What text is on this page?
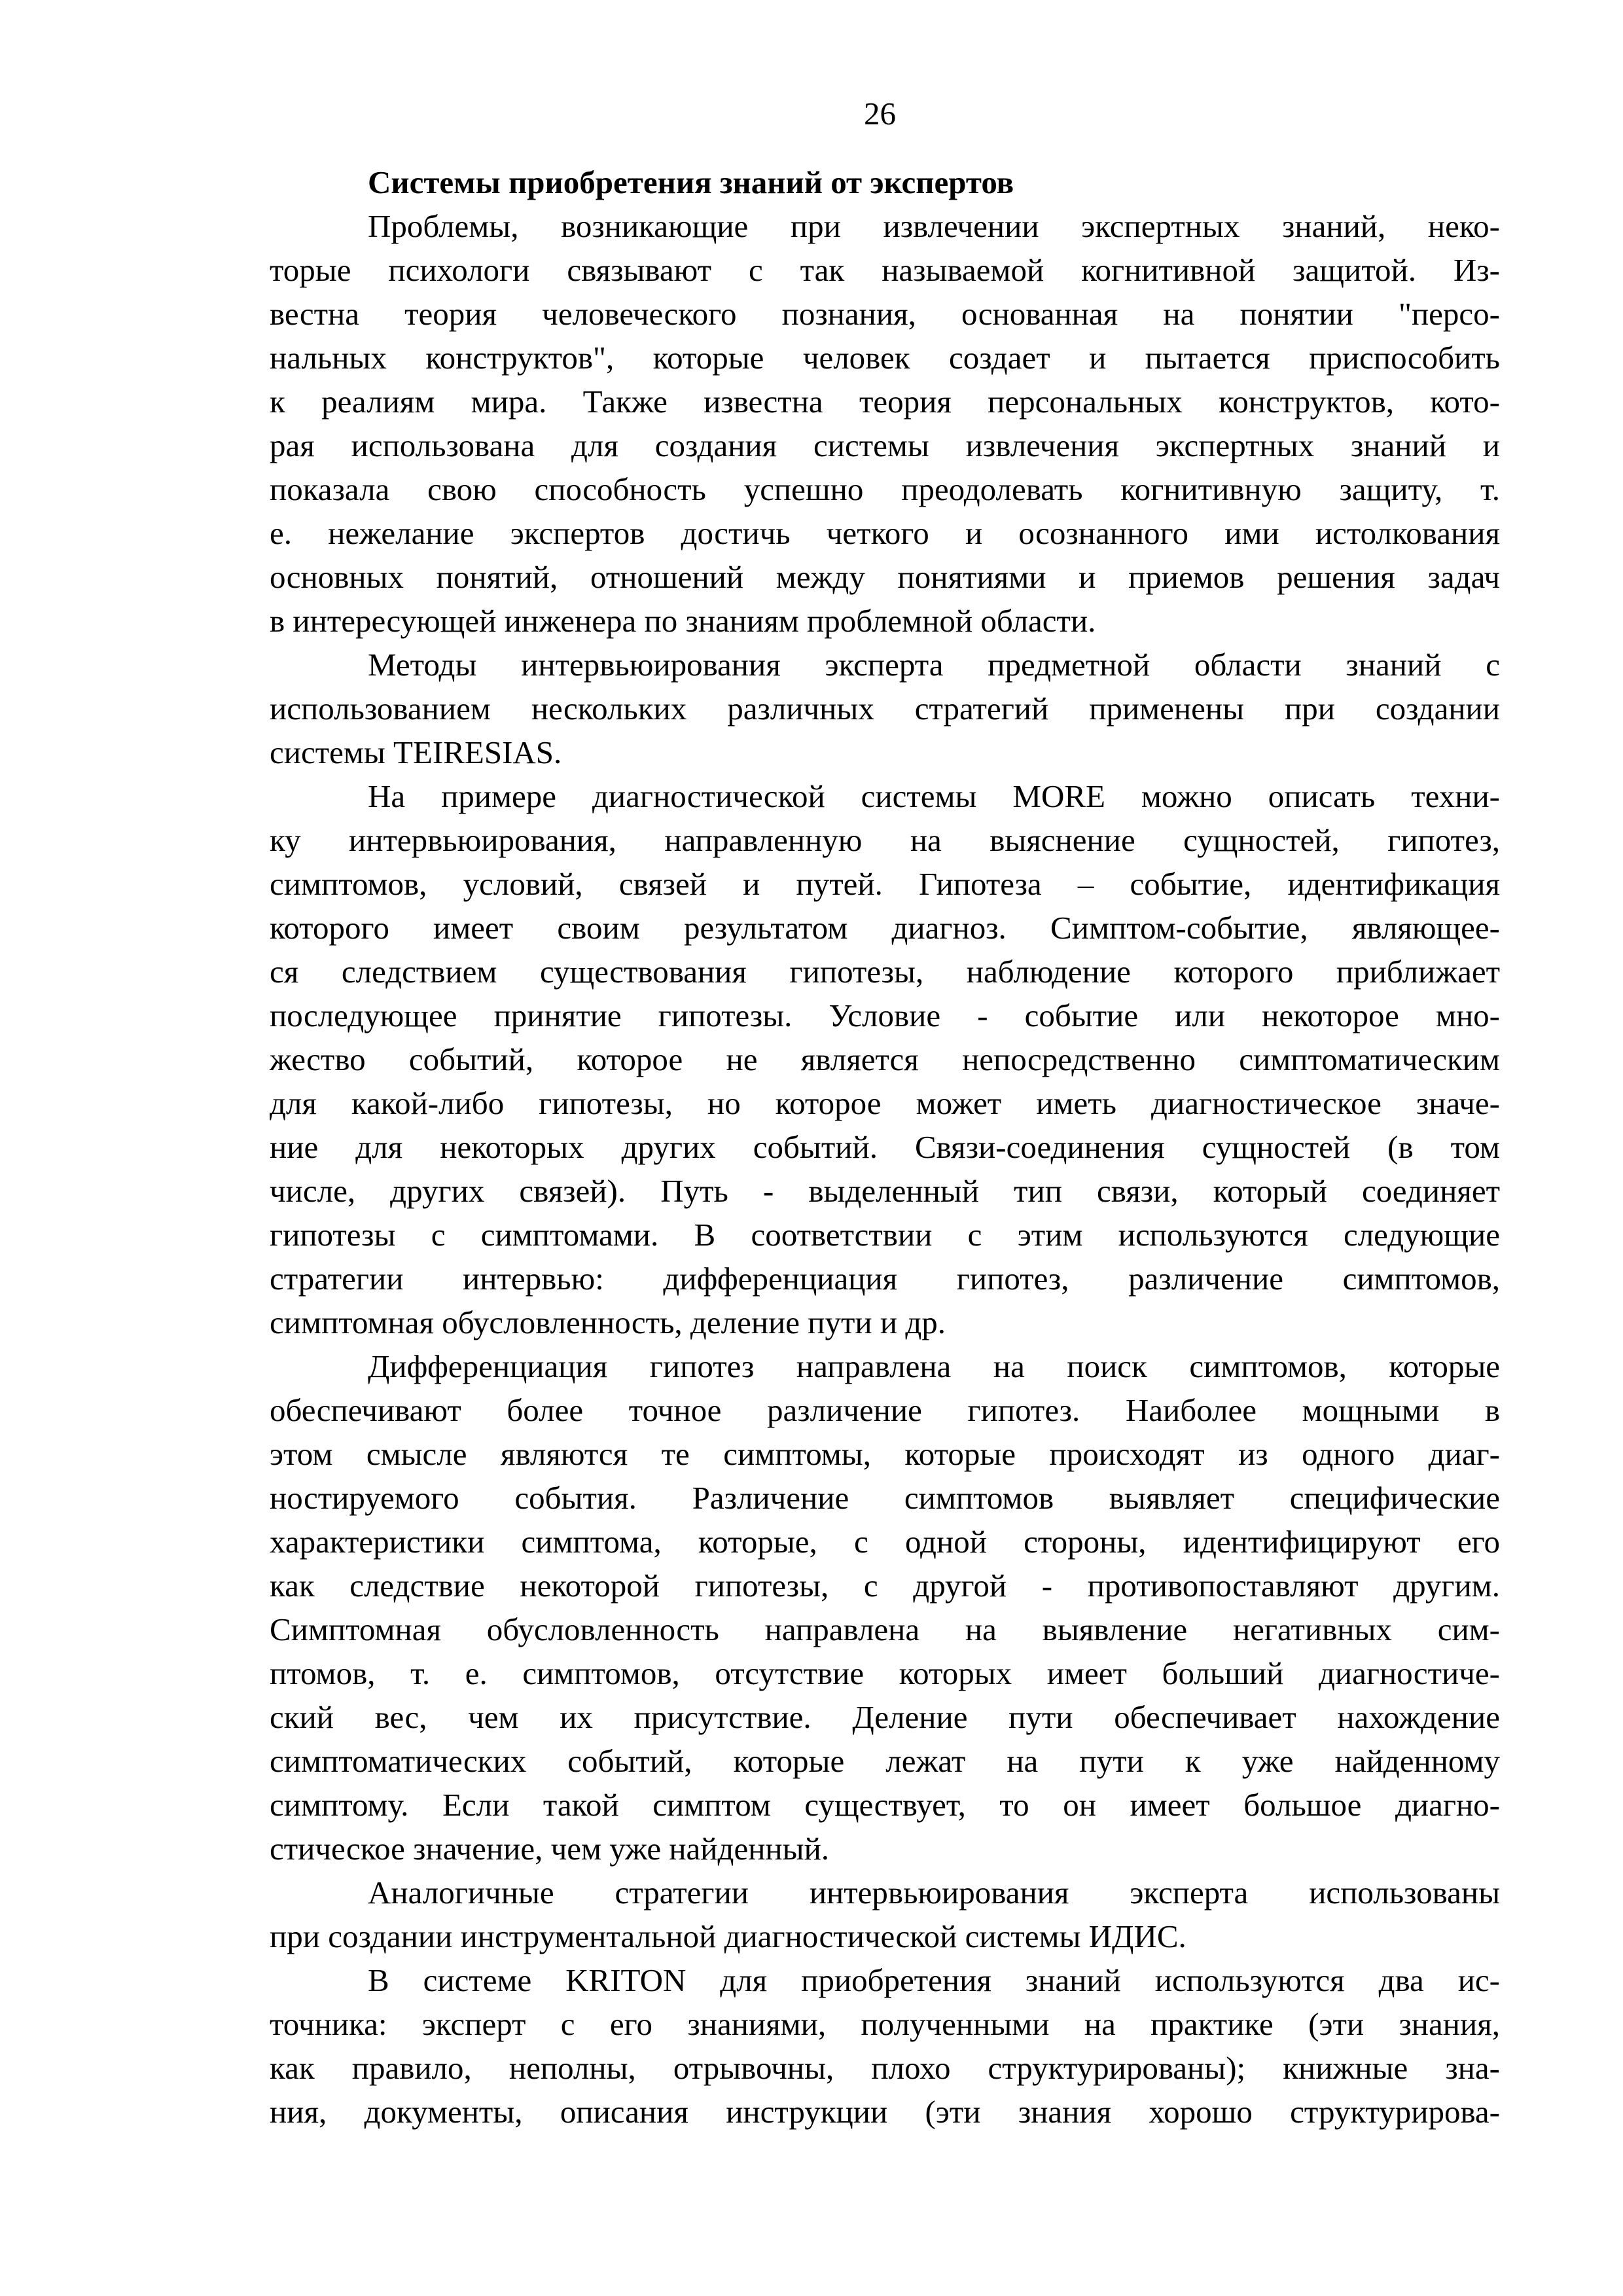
26
Системы приобретения знаний от экспертов
Проблемы, возникающие при извлечении экспертных знаний, неко-
торые психологи связывают с так называемой когнитивной защитой. Из-
вестна теория человеческого познания, основанная на понятии "персо-
нальных конструктов", которые человек создает и пытается приспособить
к реалиям мира. Также известна теория персональных конструктов, кото-
рая использована для создания системы извлечения экспертных знаний и
показала свою способность успешно преодолевать когнитивную защиту, т.
е. нежелание экспертов достичь четкого и осознанного ими истолкования
основных понятий, отношений между понятиями и приемов решения задач
в интересующей инженера по знаниям проблемной области.
Методы интервьюирования эксперта предметной области знаний с
использованием нескольких различных стратегий применены при создании
системы TEIRESIAS.
На примере диагностической системы MORE можно описать техни-
ку интервьюирования, направленную на выяснение сущностей, гипотез,
симптомов, условий, связей и путей. Гипотеза – событие, идентификация
которого имеет своим результатом диагноз. Симптом-событие, являющее-
ся следствием существования гипотезы, наблюдение которого приближает
последующее принятие гипотезы. Условие - событие или некоторое мно-
жество событий, которое не является непосредственно симптоматическим
для какой-либо гипотезы, но которое может иметь диагностическое значе-
ние для некоторых других событий. Связи-соединения сущностей (в том
числе, других связей). Путь - выделенный тип связи, который соединяет
гипотезы с симптомами. В соответствии с этим используются следующие
стратегии интервью: дифференциация гипотез, различение симптомов,
симптомная обусловленность, деление пути и др.
Дифференциация гипотез направлена на поиск симптомов, которые
обеспечивают более точное различение гипотез. Наиболее мощными в
этом смысле являются те симптомы, которые происходят из одного диаг-
ностируемого события. Различение симптомов выявляет специфические
характеристики симптома, которые, с одной стороны, идентифицируют его
как следствие некоторой гипотезы, с другой - противопоставляют другим.
Симптомная обусловленность направлена на выявление негативных сим-
птомов, т. е. симптомов, отсутствие которых имеет больший диагностиче-
ский вес, чем их присутствие. Деление пути обеспечивает нахождение
симптоматических событий, которые лежат на пути к уже найденному
симптому. Если такой симптом существует, то он имеет большое диагно-
стическое значение, чем уже найденный.
Аналогичные стратегии интервьюирования эксперта использованы
при создании инструментальной диагностической системы ИДИС.
В системе KRITON для приобретения знаний используются два ис-
точника: эксперт с его знаниями, полученными на практике (эти знания,
как правило, неполны, отрывочны, плохо структурированы); книжные зна-
ния, документы, описания инструкции (эти знания хорошо структурирова-
